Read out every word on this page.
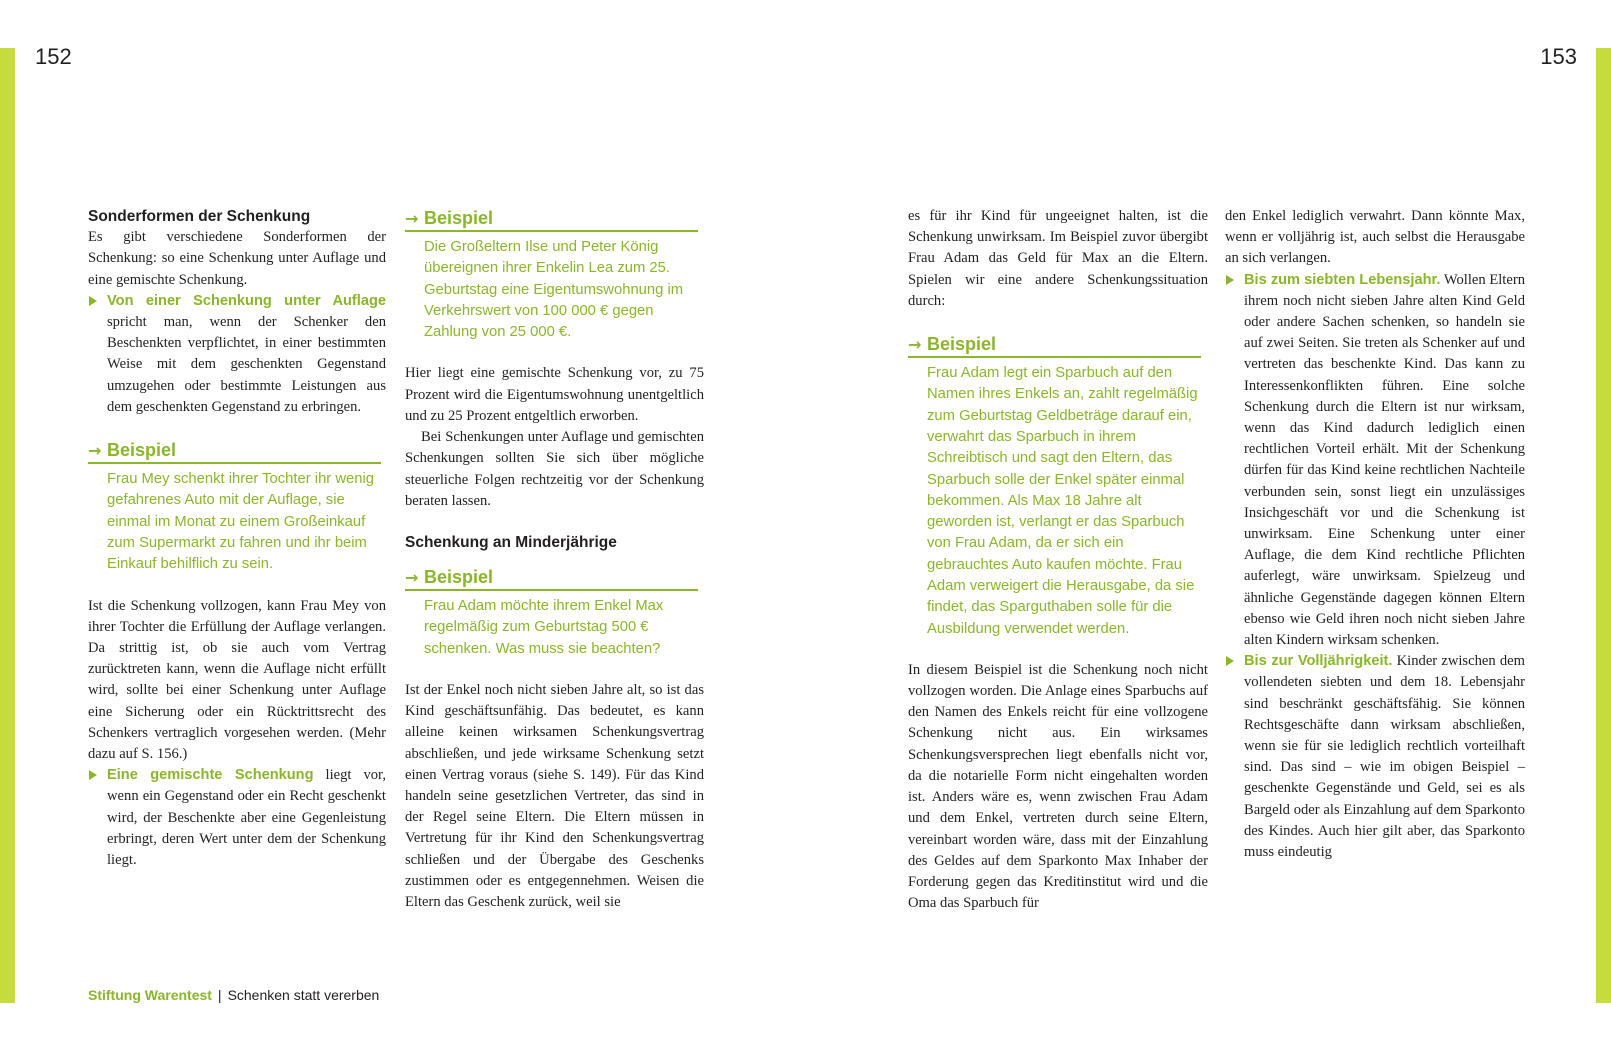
152	153

Sonderformen der Schenkung

Es gibt verschiedene Sonderformen der Schenkung: so eine Schenkung unter Auflage und eine gemischte Schenkung.

Von einer Schenkung unter Auflage spricht man, wenn der Schenker den Beschenkten verpflichtet, in einer bestimmten Weise mit dem geschenkten Gegenstand umzugehen oder bestimmte Leistungen aus dem geschenkten Gegenstand zu erbringen.
→ Beispiel
Frau Mey schenkt ihrer Tochter ihr wenig gefahrenes Auto mit der Auflage, sie einmal im Monat zu einem Großeinkauf zum Supermarkt zu fahren und ihr beim Einkauf behilflich zu sein.

Ist die Schenkung vollzogen, kann Frau Mey von ihrer Tochter die Erfüllung der Auflage verlangen. Da strittig ist, ob sie auch vom Vertrag zurücktreten kann, wenn die Auflage nicht erfüllt wird, sollte bei einer Schenkung unter Auflage eine Sicherung oder ein Rücktrittsrecht des Schenkers vertraglich vorgesehen werden. (Mehr dazu auf S. 156.)

Eine gemischte Schenkung liegt vor, wenn ein Gegenstand oder ein Recht geschenkt wird, der Beschenkte aber eine Gegenleistung erbringt, deren Wert unter dem der Schenkung liegt.
→ Beispiel
Die Großeltern Ilse und Peter König übereignen ihrer Enkelin Lea zum 25. Geburtstag eine Eigentumswohnung im Verkehrswert von 100 000 € gegen Zahlung von 25 000 €.

Hier liegt eine gemischte Schenkung vor, zu 75 Prozent wird die Eigentumswohnung unentgeltlich und zu 25 Prozent entgeltlich erworben.

Bei Schenkungen unter Auflage und gemischten Schenkungen sollten Sie sich über mögliche steuerliche Folgen rechtzeitig vor der Schenkung beraten lassen.

Schenkung an Minderjährige

→ Beispiel
Frau Adam möchte ihrem Enkel Max regelmäßig zum Geburtstag 500 € schenken. Was muss sie beachten?

Ist der Enkel noch nicht sieben Jahre alt, so ist das Kind geschäftsunfähig. Das bedeutet, es kann alleine keinen wirksamen Schenkungsvertrag abschließen, und jede wirksame Schenkung setzt einen Vertrag voraus (siehe S. 149). Für das Kind handeln seine gesetzlichen Vertreter, das sind in der Regel seine Eltern. Die Eltern müssen in Vertretung für ihr Kind den Schenkungsvertrag schließen und der Übergabe des Geschenks zustimmen oder es entgegennehmen. Weisen die Eltern das Geschenk zurück, weil sie

es für ihr Kind für ungeeignet halten, ist die Schenkung unwirksam. Im Beispiel zuvor übergibt Frau Adam das Geld für Max an die Eltern. Spielen wir eine andere Schenkungssituation durch:

→ Beispiel
Frau Adam legt ein Sparbuch auf den Namen ihres Enkels an, zahlt regelmäßig zum Geburtstag Geldbeträge darauf ein, verwahrt das Sparbuch in ihrem Schreibtisch und sagt den Eltern, das Sparbuch solle der Enkel später einmal bekommen. Als Max 18 Jahre alt geworden ist, verlangt er das Sparbuch von Frau Adam, da er sich ein gebrauchtes Auto kaufen möchte. Frau Adam verweigert die Herausgabe, da sie findet, das Sparguthaben solle für die Ausbildung verwendet werden.

In diesem Beispiel ist die Schenkung noch nicht vollzogen worden. Die Anlage eines Sparbuchs auf den Namen des Enkels reicht für eine vollzogene Schenkung nicht aus. Ein wirksames Schenkungsversprechen liegt ebenfalls nicht vor, da die notarielle Form nicht eingehalten worden ist. Anders wäre es, wenn zwischen Frau Adam und dem Enkel, vertreten durch seine Eltern, vereinbart worden wäre, dass mit der Einzahlung des Geldes auf dem Sparkonto Max Inhaber der Forderung gegen das Kreditinstitut wird und die Oma das Sparbuch für

den Enkel lediglich verwahrt. Dann könnte Max, wenn er volljährig ist, auch selbst die Herausgabe an sich verlangen.

Bis zum siebten Lebensjahr. Wollen Eltern ihrem noch nicht sieben Jahre alten Kind Geld oder andere Sachen schenken, so handeln sie auf zwei Seiten. Sie treten als Schenker auf und vertreten das beschenkte Kind. Das kann zu Interessenkonflikten führen. Eine solche Schenkung durch die Eltern ist nur wirksam, wenn das Kind dadurch lediglich einen rechtlichen Vorteil erhält. Mit der Schenkung dürfen für das Kind keine rechtlichen Nachteile verbunden sein, sonst liegt ein unzulässiges Insichgeschäft vor und die Schenkung ist unwirksam. Eine Schenkung unter einer Auflage, die dem Kind rechtliche Pflichten auferlegt, wäre unwirksam. Spielzeug und ähnliche Gegenstände dagegen können Eltern ebenso wie Geld ihren noch nicht sieben Jahre alten Kindern wirksam schenken.
Bis zur Volljährigkeit. Kinder zwischen dem vollendeten siebten und dem 18. Lebensjahr sind beschränkt geschäftsfähig. Sie können Rechtsgeschäfte dann wirksam abschließen, wenn sie für sie lediglich rechtlich vorteilhaft sind. Das sind – wie im obigen Beispiel – geschenkte Gegenstände und Geld, sei es als Bargeld oder als Einzahlung auf dem Sparkonto des Kindes. Auch hier gilt aber, das Sparkonto muss eindeutig
Stiftung Warentest | Schenken statt vererben
